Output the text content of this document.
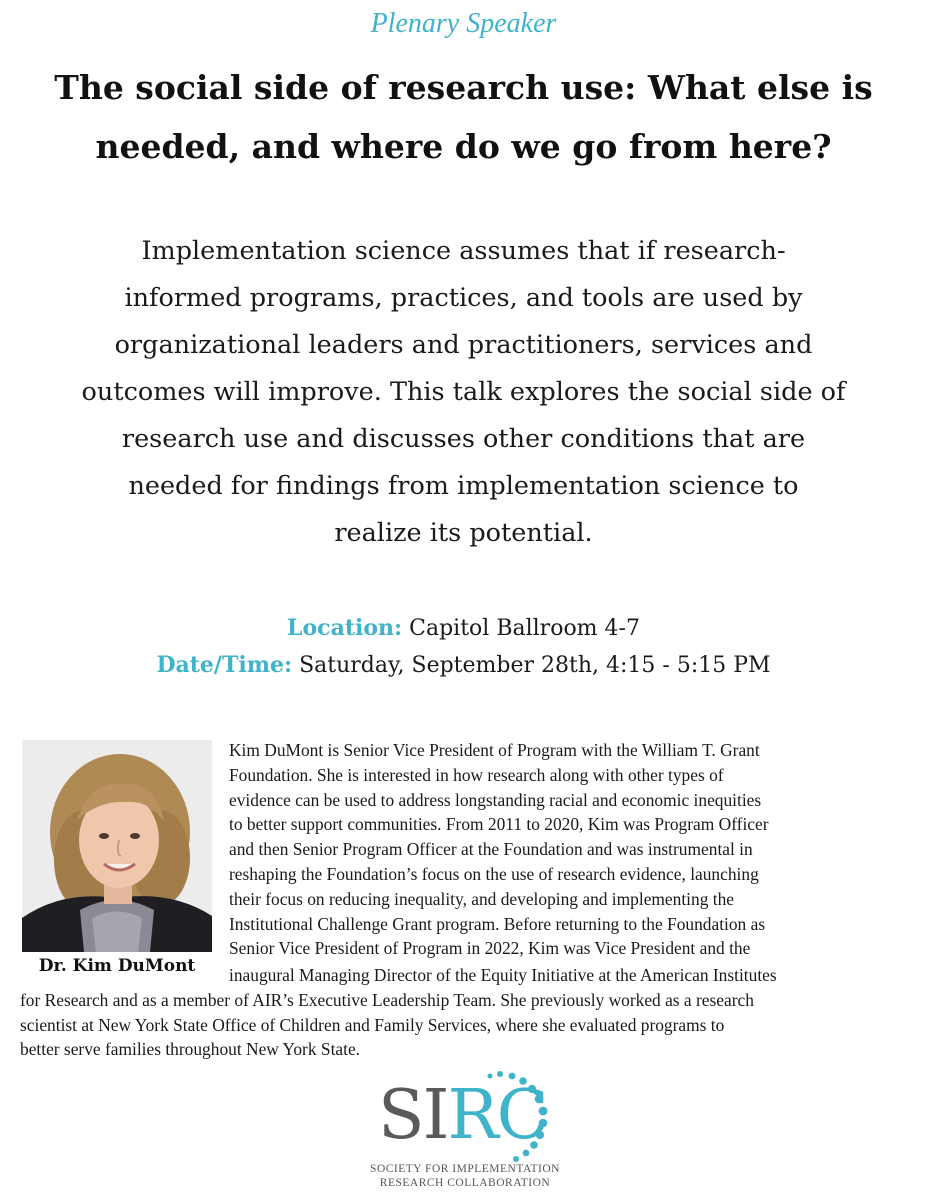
Plenary Speaker
The social side of research use: What else is
needed, and where do we go from here?
Implementation science assumes that if research-
informed programs, practices, and tools are used by
organizational leaders and practitioners, services and
outcomes will improve. This talk explores the social side of
research use and discusses other conditions that are
needed for findings from implementation science to
realize its potential.
Location: Capitol Ballroom 4-7
Date/Time: Saturday, September 28th, 4:15 - 5:15 PM
Dr. Kim DuMont
Kim DuMont is Senior Vice President of Program with the William T. Grant
Foundation. She is interested in how research along with other types of
evidence can be used to address longstanding racial and economic inequities
to better support communities. From 2011 to 2020, Kim was Program Officer
and then Senior Program Officer at the Foundation and was instrumental in
reshaping the Foundation’s focus on the use of research evidence, launching
their focus on reducing inequality, and developing and implementing the
Institutional Challenge Grant program. Before returning to the Foundation as
Senior Vice President of Program in 2022, Kim was Vice President and the
inaugural Managing Director of the Equity Initiative at the American Institutes
for Research and as a member of AIR’s Executive Leadership Team. She previously worked as a research
scientist at New York State Office of Children and Family Services, where she evaluated programs to
better serve families throughout New York State.
SIRC
SOCIETY FOR IMPLEMENTATION
RESEARCH COLLABORATION
